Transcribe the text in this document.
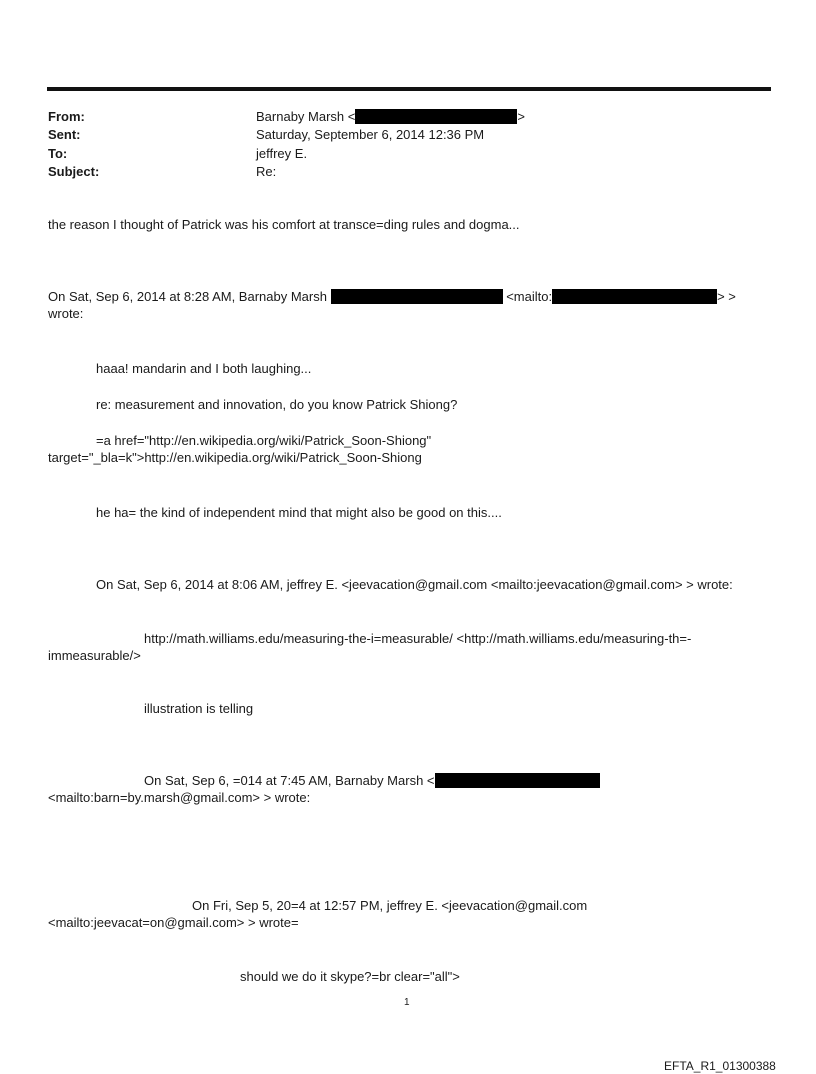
From:	Barnaby Marsh <	>
Sent:	Saturday, September 6, 2014 12:36 PM
To:	jeffrey E.
Subject:	Re:
the reason I thought of Patrick was his comfort at transce=ding rules and dogma...
On Sat, Sep 6, 2014 at 8:28 AM, Barnaby Marsh	<mailto:	> >
wrote:
haaa! mandarin and I both laughing...
re: measurement and innovation, do you know Patrick Shiong?
=a href="http://en.wikipedia.org/wiki/Patrick_Soon-Shiong"
target="_bla=k">http://en.wikipedia.org/wiki/Patrick_Soon-Shiong
he ha= the kind of independent mind that might also be good on this....
On Sat, Sep 6, 2014 at 8:06 AM, jeffrey E. <jeevacation@gmail.com <mailto:jeevacation@gmail.com> > wrote:
http://math.williams.edu/measuring-the-i=measurable/ <http://math.williams.edu/measuring-th=-
immeasurable/>
illustration is telling
On Sat, Sep 6, =014 at 7:45 AM, Barnaby Marsh <
<mailto:barn=by.marsh@gmail.com> > wrote:
On Fri, Sep 5, 20=4 at 12:57 PM, jeffrey E. <jeevacation@gmail.com
<mailto:jeevacat=on@gmail.com> > wrote=
should we do it skype?=br clear="all">
1
EFTA_R1_01300388
